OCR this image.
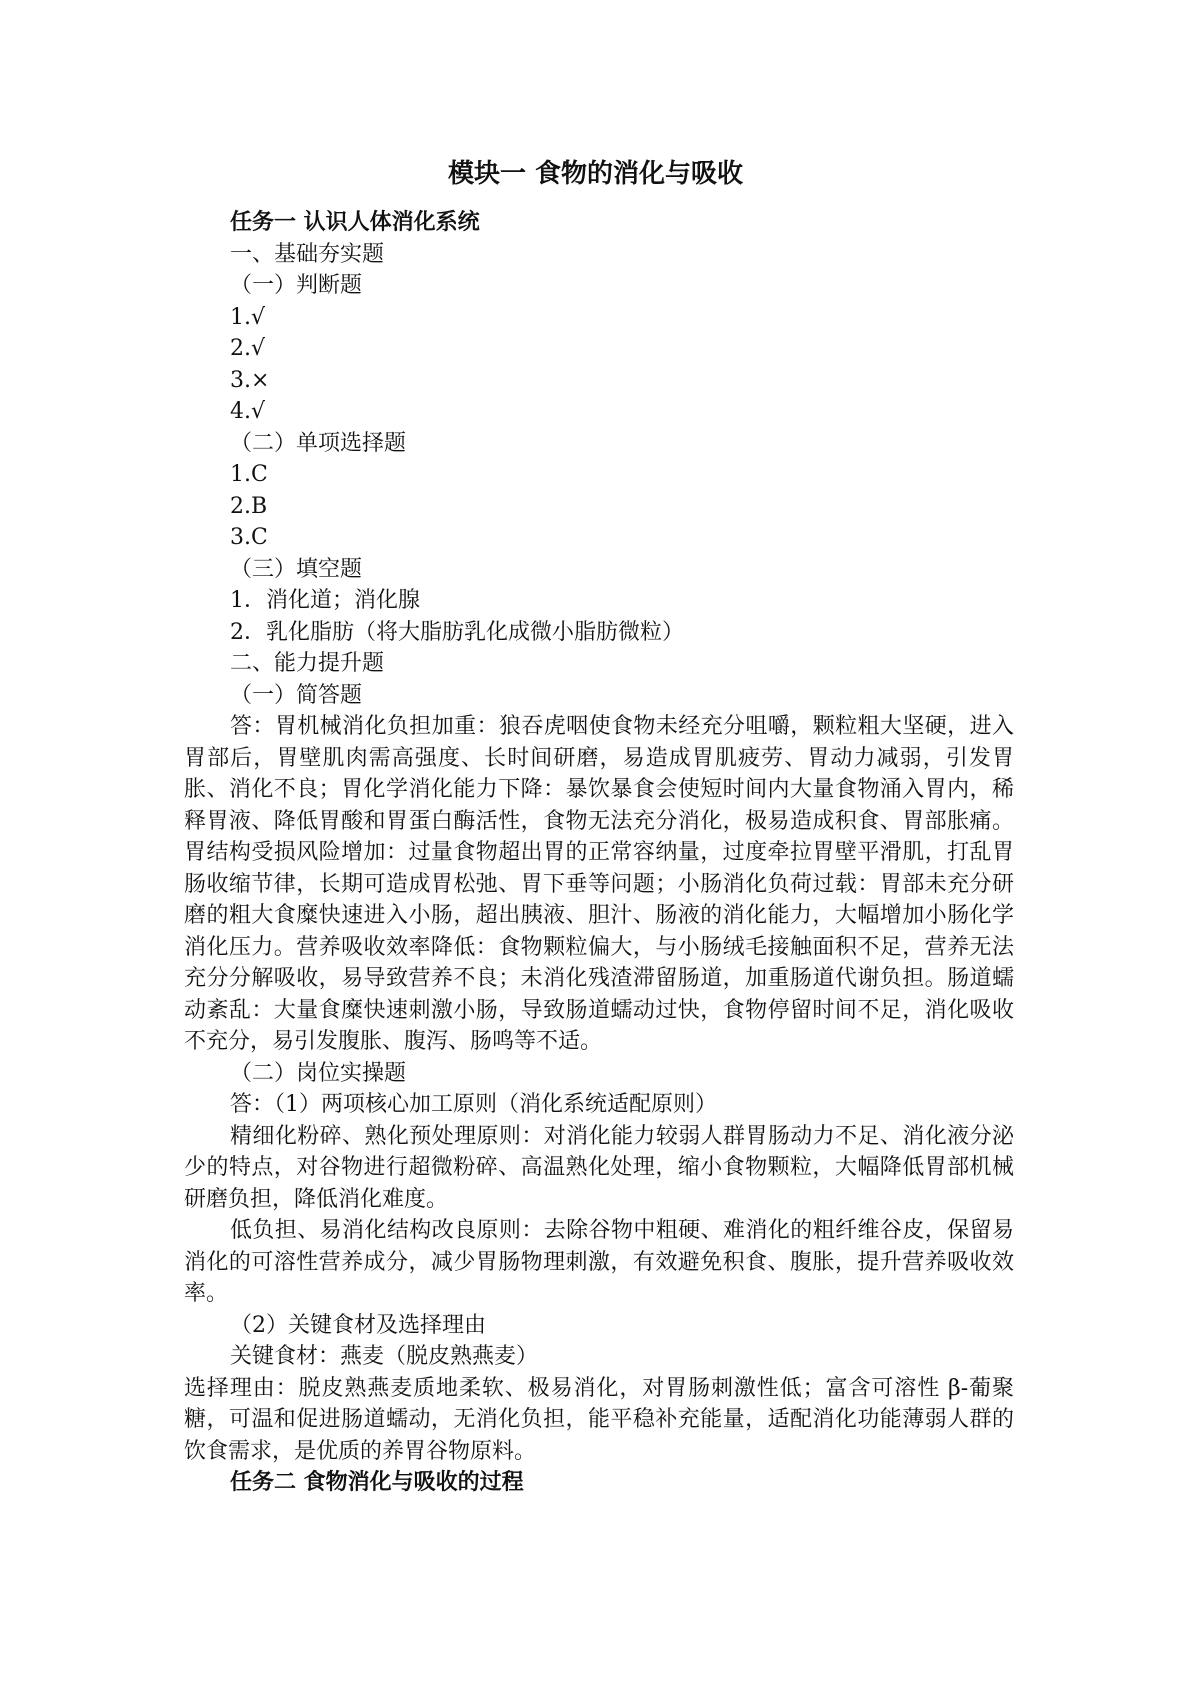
模块一 食物的消化与吸收

任务一 认识人体消化系统

一、基础夯实题

（一）判断题

1.√

2.√

3.×

4.√

（二）单项选择题

1.C

2.B

3.C

（三）填空题

1．消化道；消化腺

2．乳化脂肪（将大脂肪乳化成微小脂肪微粒）

二、能力提升题

（一）简答题

答：胃机械消化负担加重：狼吞虎咽使食物未经充分咀嚼，颗粒粗大坚硬，进入胃部后，胃壁肌肉需高强度、长时间研磨，易造成胃肌疲劳、胃动力减弱，引发胃胀、消化不良；胃化学消化能力下降：暴饮暴食会使短时间内大量食物涌入胃内，稀释胃液、降低胃酸和胃蛋白酶活性，食物无法充分消化，极易造成积食、胃部胀痛。胃结构受损风险增加：过量食物超出胃的正常容纳量，过度牵拉胃壁平滑肌，打乱胃肠收缩节律，长期可造成胃松弛、胃下垂等问题；小肠消化负荷过载：胃部未充分研磨的粗大食糜快速进入小肠，超出胰液、胆汁、肠液的消化能力，大幅增加小肠化学消化压力。营养吸收效率降低：食物颗粒偏大，与小肠绒毛接触面积不足，营养无法充分分解吸收，易导致营养不良；未消化残渣滞留肠道，加重肠道代谢负担。肠道蠕动紊乱：大量食糜快速刺激小肠，导致肠道蠕动过快，食物停留时间不足，消化吸收不充分，易引发腹胀、腹泻、肠鸣等不适。

（二）岗位实操题

答：（1）两项核心加工原则（消化系统适配原则）

精细化粉碎、熟化预处理原则：对消化能力较弱人群胃肠动力不足、消化液分泌少的特点，对谷物进行超微粉碎、高温熟化处理，缩小食物颗粒，大幅降低胃部机械研磨负担，降低消化难度。

低负担、易消化结构改良原则：去除谷物中粗硬、难消化的粗纤维谷皮，保留易消化的可溶性营养成分，减少胃肠物理刺激，有效避免积食、腹胀，提升营养吸收效率。

（2）关键食材及选择理由

关键食材：燕麦（脱皮熟燕麦）

选择理由：脱皮熟燕麦质地柔软、极易消化，对胃肠刺激性低；富含可溶性 β-葡聚糖，可温和促进肠道蠕动，无消化负担，能平稳补充能量，适配消化功能薄弱人群的饮食需求，是优质的养胃谷物原料。

任务二 食物消化与吸收的过程
